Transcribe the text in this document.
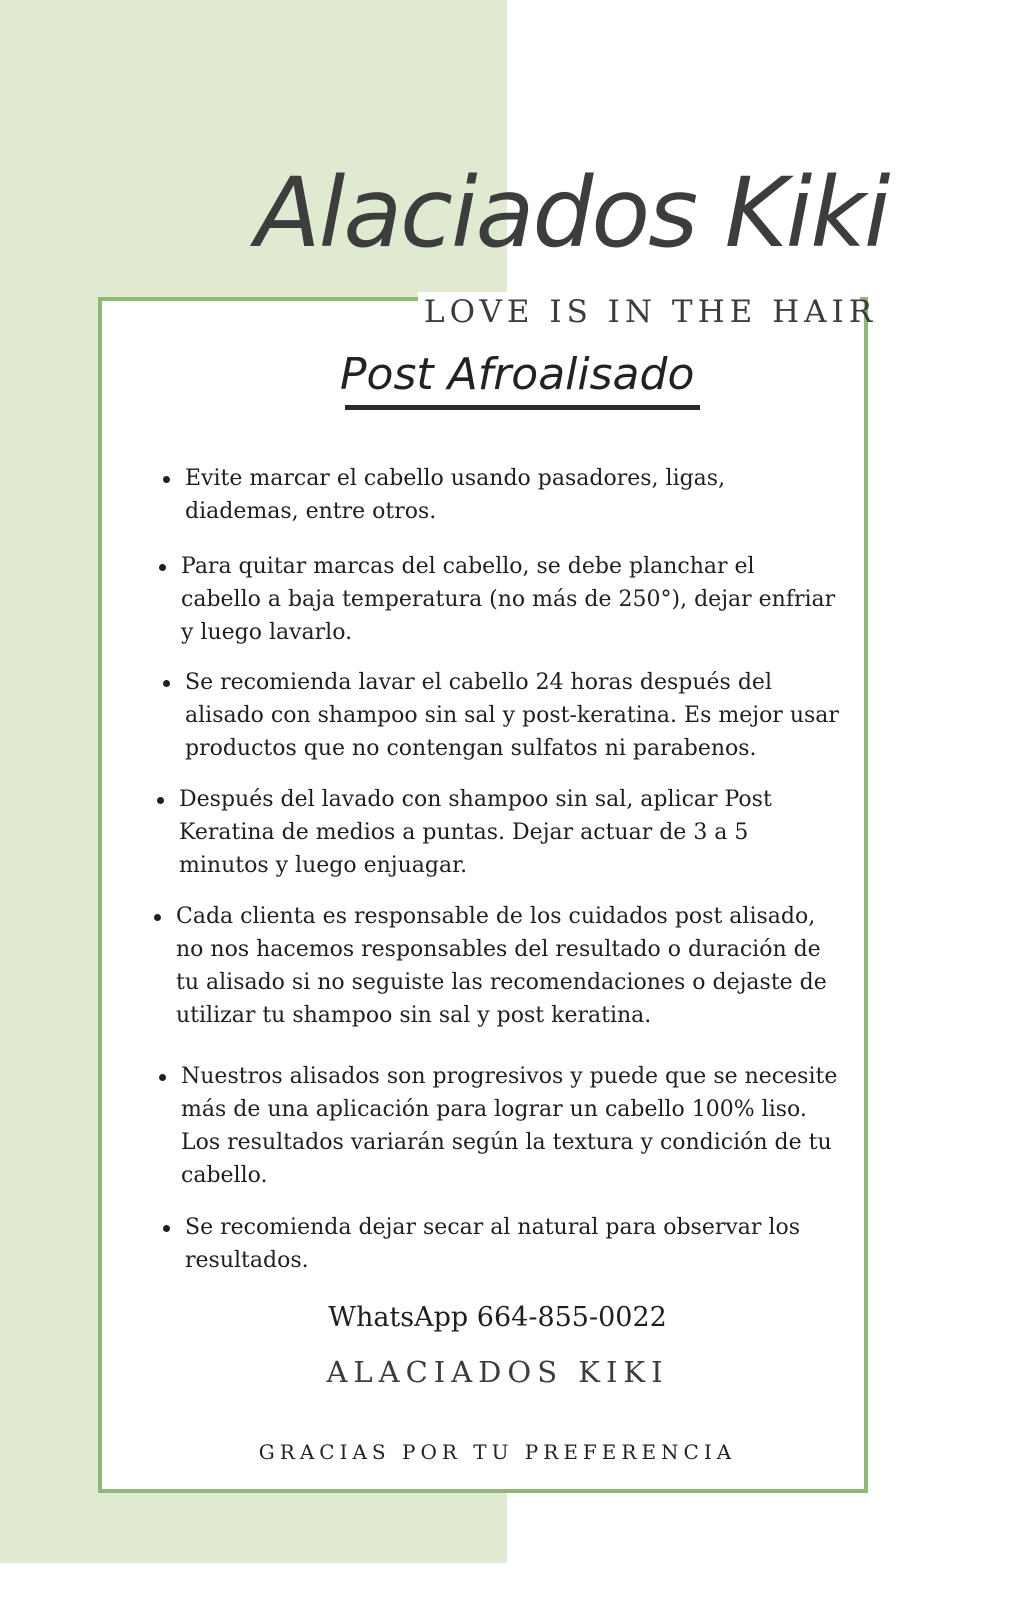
Alaciados Kiki
LOVE IS IN THE HAIR
Post Afroalisado
Evite marcar el cabello usando pasadores, ligas, diademas, entre otros.
Para quitar marcas del cabello, se debe planchar el cabello a baja temperatura (no más de 250°), dejar enfriar y luego lavarlo.
Se recomienda lavar el cabello 24 horas después del alisado con shampoo sin sal y post-keratina. Es mejor usar productos que no contengan sulfatos ni parabenos.
Después del lavado con shampoo sin sal, aplicar Post Keratina de medios a puntas. Dejar actuar de 3 a 5 minutos y luego enjuagar.
Cada clienta es responsable de los cuidados post alisado, no nos hacemos responsables del resultado o duración de tu alisado si no seguiste las recomendaciones o dejaste de utilizar tu shampoo sin sal y post keratina.
Nuestros alisados son progresivos y puede que se necesite más de una aplicación para lograr un cabello 100% liso. Los resultados variarán según la textura y condición de tu cabello.
Se recomienda dejar secar al natural para observar los resultados.
WhatsApp 664-855-0022
ALACIADOS KIKI
GRACIAS POR TU PREFERENCIA
